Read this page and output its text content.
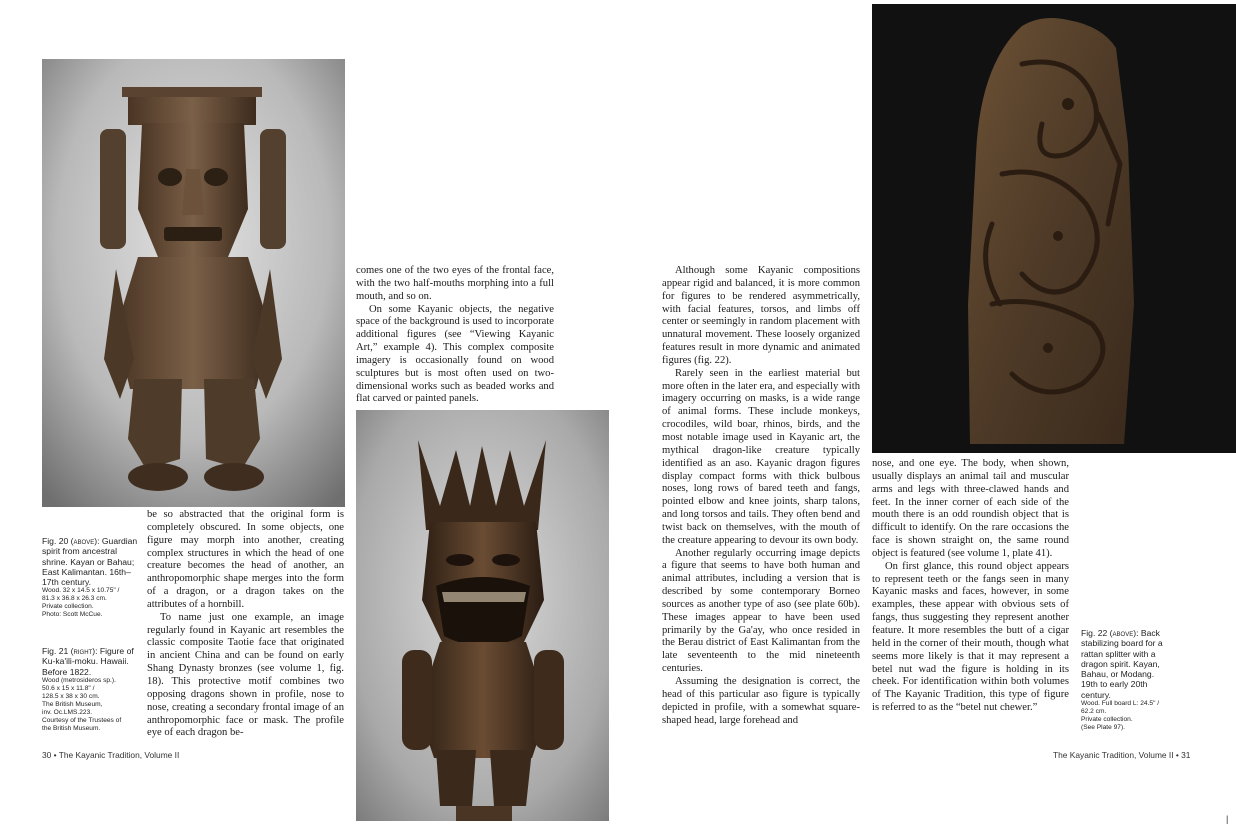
Fig. 20 (above): Guardian spirit from ancestral shrine. Kayan or Bahau; East Kalimantan. 16th–17th century.
Wood. 32 x 14.5 x 10.75" /
81.3 x 36.8 x 26.3 cm.
Private collection.
Photo: Scott McCue.
Fig. 21 (right): Figure of Ku-ka'ili-moku. Hawaii. Before 1822.
Wood (metrosideros sp.).
50.6 x 15 x 11.8" /
128.5 x 38 x 30 cm.
The British Museum,
inv. Oc.LMS.223.
Courtesy of the Trustees of
the British Museum.

be so abstracted that the original form is completely obscured. In some objects, one figure may morph into another, creating complex structures in which the head of one creature becomes the head of another, an anthropomorphic shape merges into the form of a dragon, or a dragon takes on the attributes of a hornbill.

To name just one example, an image regularly found in Kayanic art resembles the classic composite Taotie face that originated in ancient China and can be found on early Shang Dynasty bronzes (see volume 1, fig. 18). This protective motif combines two opposing dragons shown in profile, nose to nose, creating a secondary frontal image of an anthropomorphic face or mask. The profile eye of each dragon be-

comes one of the two eyes of the frontal face, with the two half-mouths morphing into a full mouth, and so on.

On some Kayanic objects, the negative space of the background is used to incorporate additional figures (see “Viewing Kayanic Art,” example 4). This complex composite imagery is occasionally found on wood sculptures but is most often used on two-dimensional works such as beaded works and flat carved or painted panels.

30 • The Kayanic Tradition, Volume II

Although some Kayanic compositions appear rigid and balanced, it is more common for figures to be rendered asymmetrically, with facial features, torsos, and limbs off center or seemingly in random placement with unnatural movement. These loosely organized features result in more dynamic and animated figures (fig. 22).

Rarely seen in the earliest material but more often in the later era, and especially with imagery occurring on masks, is a wide range of animal forms. These include monkeys, crocodiles, wild boar, rhinos, birds, and the most notable image used in Kayanic art, the mythical dragon-like creature typically identified as an aso. Kayanic dragon figures display compact forms with thick bulbous noses, long rows of bared teeth and fangs, pointed elbow and knee joints, sharp talons, and long torsos and tails. They often bend and twist back on themselves, with the mouth of the creature appearing to devour its own body.

Another regularly occurring image depicts a figure that seems to have both human and animal attributes, including a version that is described by some contemporary Borneo sources as another type of aso (see plate 60b). These images appear to have been used primarily by the Ga'ay, who once resided in the Berau district of East Kalimantan from the late seventeenth to the mid nineteenth centuries.

Assuming the designation is correct, the head of this particular aso figure is typically depicted in profile, with a somewhat square-shaped head, large forehead and

nose, and one eye. The body, when shown, usually displays an animal tail and muscular arms and legs with three-clawed hands and feet. In the inner corner of each side of the mouth there is an odd roundish object that is difficult to identify. On the rare occasions the face is shown straight on, the same round object is featured (see volume 1, plate 41).

On first glance, this round object appears to represent teeth or the fangs seen in many Kayanic masks and faces, however, in some examples, these appear with obvious sets of fangs, thus suggesting they represent another feature. It more resembles the butt of a cigar held in the corner of their mouth, though what seems more likely is that it may represent a betel nut wad the figure is holding in its cheek. For identification within both volumes of The Kayanic Tradition, this type of figure is referred to as the “betel nut chewer.”

Fig. 22 (above): Back stabilizing board for a rattan splitter with a dragon spirit. Kayan, Bahau, or Modang. 19th to early 20th century.
Wood. Full board L: 24.5" /
62.2 cm.
Private collection.
(See Plate 97).
The Kayanic Tradition, Volume II • 31
|
